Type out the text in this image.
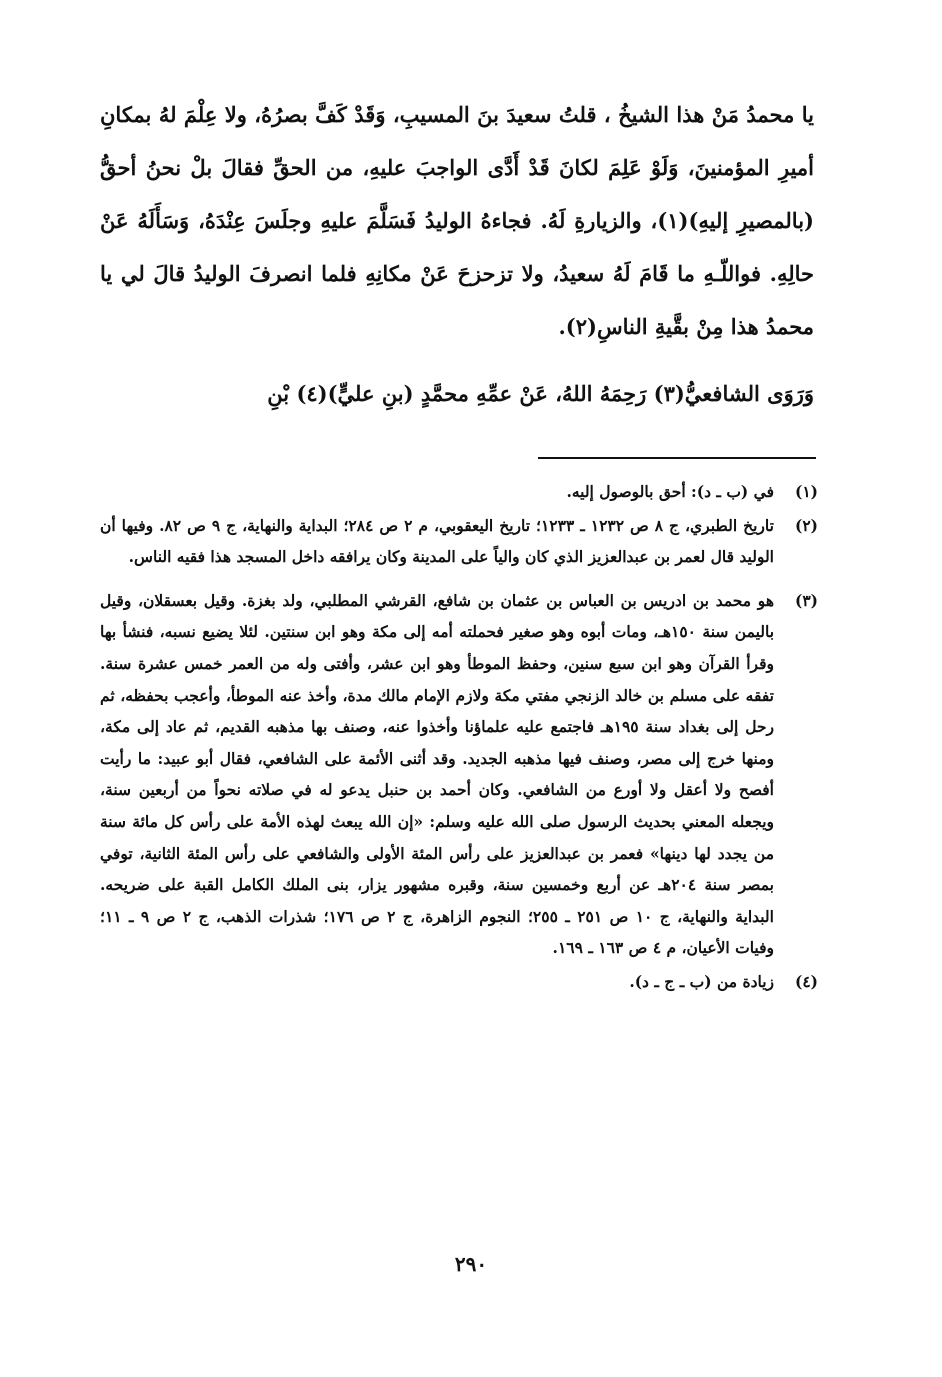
يا محمدُ مَنْ هذا الشيخُ ، قلتُ سعيدَ بنَ المسيبِ، وَقَدْ كَفَّ بصرُهُ، ولا عِلْمَ لهُ بمكانِ أميرِ المؤمنينَ، وَلَوْ عَلِمَ لكانَ قَدْ أَدَّى الواجبَ عليهِ، من الحقِّ فقالَ بلْ نحنُ أحقُّ (بالمصيرِ إليهِ)(١)، والزيارةِ لَهُ. فجاءهُ الوليدُ فَسَلَّمَ عليهِ وجلَسَ عِنْدَهُ، وَسَأَلَهُ عَنْ حالِهِ. فواللّـهِ ما قَامَ لَهُ سعيدُ، ولا تزحزحَ عَنْ مكانِهِ فلما انصرفَ الوليدُ قالَ لي يا محمدُ هذا مِنْ بقَّيةِ الناسِ(٢).

وَرَوَى الشافعيُّ(٣) رَحِمَهُ اللهُ، عَنْ عمِّهِ محمَّدٍ (بنِ عليٍّ)(٤) بْنِ

(١)
في (ب ـ د): أحق بالوصول إليه.
(٢)
تاريخ الطبري، ج ٨ ص ١٢٣٢ ـ ١٢٣٣؛ تاريخ اليعقوبي، م ٢ ص ٢٨٤؛ البداية والنهاية، ج ٩ ص ٨٢. وفيها أن الوليد قال لعمر بن عبدالعزيز الذي كان والياً على المدينة وكان يرافقه داخل المسجد هذا فقيه الناس.
(٣)
هو محمد بن ادريس بن العباس بن عثمان بن شافع، القرشي المطلبي، ولد بغزة. وقيل بعسقلان، وقيل باليمن سنة ١٥٠هـ، ومات أبوه وهو صغير فحملته أمه إلى مكة وهو ابن سنتين. لئلا يضيع نسبه، فنشأ بها وقرأ القرآن وهو ابن سبع سنين، وحفظ الموطأ وهو ابن عشر، وأفتى وله من العمر خمس عشرة سنة. تفقه على مسلم بن خالد الزنجي مفتي مكة ولازم الإمام مالك مدة، وأخذ عنه الموطأ، وأعجب بحفظه، ثم رحل إلى بغداد سنة ١٩٥هـ فاجتمع عليه علماؤنا وأخذوا عنه، وصنف بها مذهبه القديم، ثم عاد إلى مكة، ومنها خرج إلى مصر، وصنف فيها مذهبه الجديد. وقد أثنى الأئمة على الشافعي، فقال أبو عبيد: ما رأيت أفصح ولا أعقل ولا أورع من الشافعي. وكان أحمد بن حنبل يدعو له في صلاته نحواً من أربعين سنة، ويجعله المعني بحديث الرسول صلى الله عليه وسلم: «إن الله يبعث لهذه الأمة على رأس كل مائة سنة من يجدد لها دينها» فعمر بن عبدالعزيز على رأس المئة الأولى والشافعي على رأس المئة الثانية، توفي بمصر سنة ٢٠٤هـ عن أربع وخمسين سنة، وقبره مشهور يزار، بنى الملك الكامل القبة على ضريحه. البداية والنهاية، ج ١٠ ص ٢٥١ ـ ٢٥٥؛ النجوم الزاهرة، ج ٢ ص ١٧٦؛ شذرات الذهب، ج ٢ ص ٩ ـ ١١؛ وفيات الأعيان، م ٤ ص ١٦٣ ـ ١٦٩.
(٤)
زيادة من (ب ـ ج ـ د).
٢٩٠
